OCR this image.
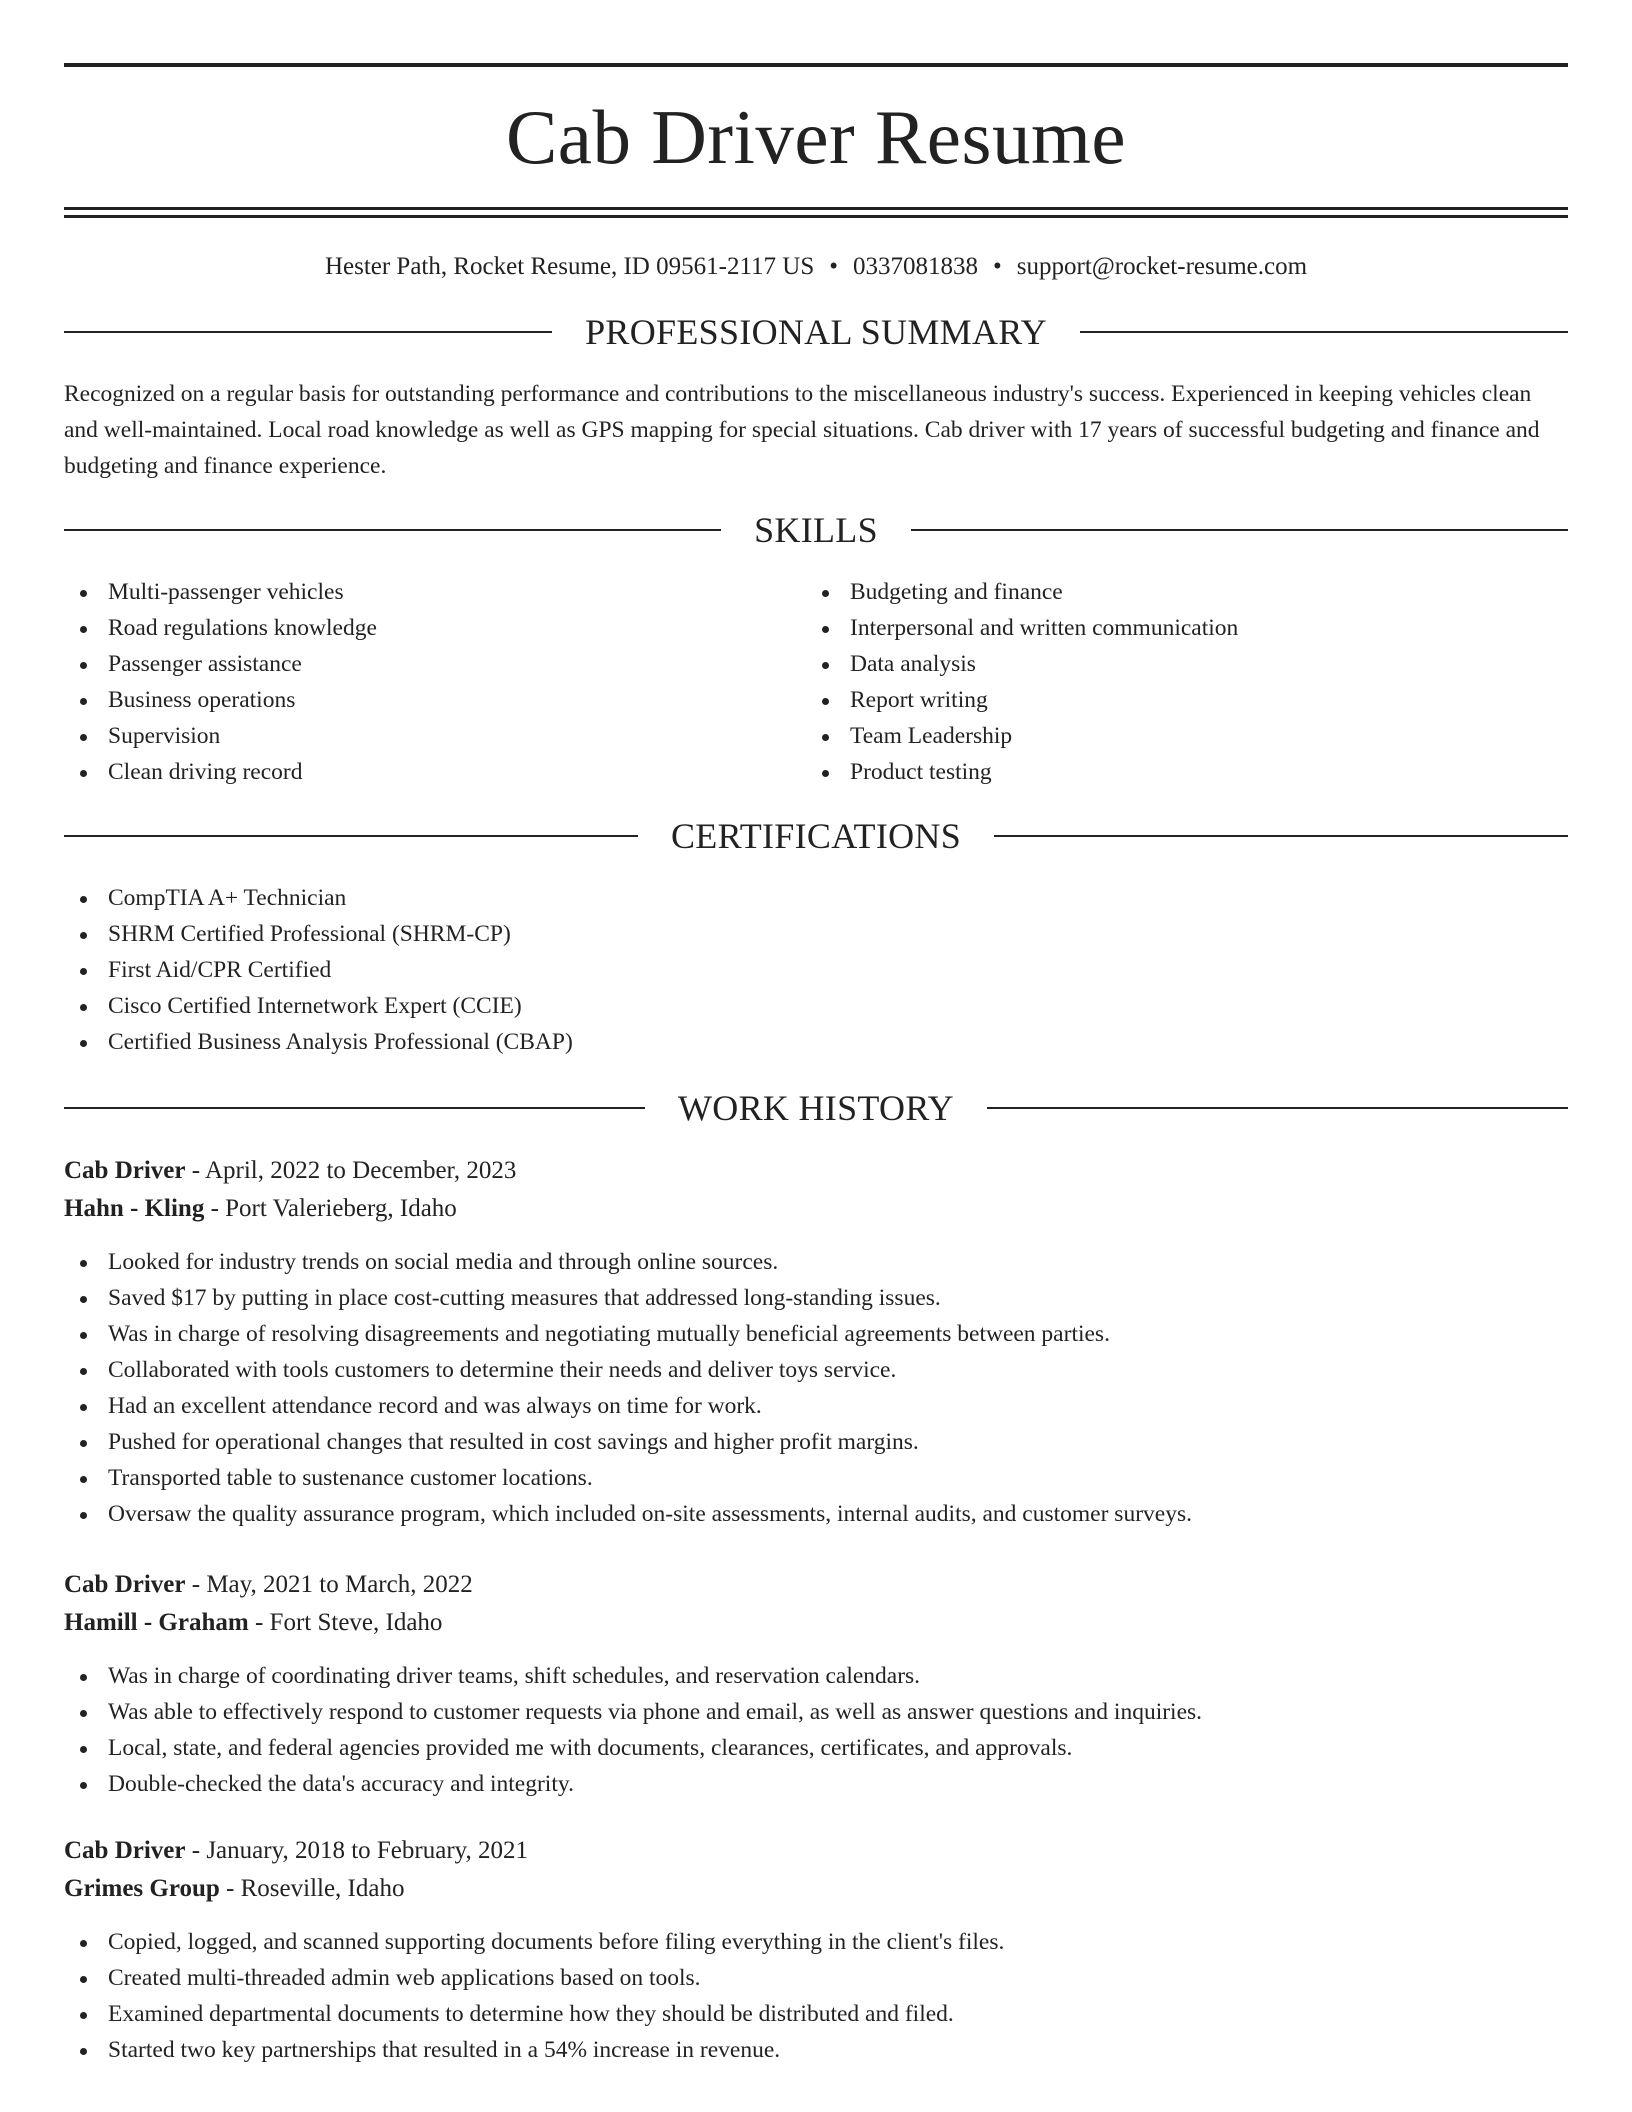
Cab Driver Resume
Hester Path, Rocket Resume, ID 09561-2117 US • 0337081838 • support@rocket-resume.com
PROFESSIONAL SUMMARY

Recognized on a regular basis for outstanding performance and contributions to the miscellaneous industry's success. Experienced in keeping vehicles clean and well-maintained. Local road knowledge as well as GPS mapping for special situations. Cab driver with 17 years of successful budgeting and finance and budgeting and finance experience.

SKILLS
Multi-passenger vehicles
Road regulations knowledge
Passenger assistance
Business operations
Supervision
Clean driving record
Budgeting and finance
Interpersonal and written communication
Data analysis
Report writing
Team Leadership
Product testing
CERTIFICATIONS
CompTIA A+ Technician
SHRM Certified Professional (SHRM-CP)
First Aid/CPR Certified
Cisco Certified Internetwork Expert (CCIE)
Certified Business Analysis Professional (CBAP)
WORK HISTORY
Cab Driver - April, 2022 to December, 2023
Hahn - Kling - Port Valerieberg, Idaho
Looked for industry trends on social media and through online sources.
Saved $17 by putting in place cost-cutting measures that addressed long-standing issues.
Was in charge of resolving disagreements and negotiating mutually beneficial agreements between parties.
Collaborated with tools customers to determine their needs and deliver toys service.
Had an excellent attendance record and was always on time for work.
Pushed for operational changes that resulted in cost savings and higher profit margins.
Transported table to sustenance customer locations.
Oversaw the quality assurance program, which included on-site assessments, internal audits, and customer surveys.
Cab Driver - May, 2021 to March, 2022
Hamill - Graham - Fort Steve, Idaho
Was in charge of coordinating driver teams, shift schedules, and reservation calendars.
Was able to effectively respond to customer requests via phone and email, as well as answer questions and inquiries.
Local, state, and federal agencies provided me with documents, clearances, certificates, and approvals.
Double-checked the data's accuracy and integrity.
Cab Driver - January, 2018 to February, 2021
Grimes Group - Roseville, Idaho
Copied, logged, and scanned supporting documents before filing everything in the client's files.
Created multi-threaded admin web applications based on tools.
Examined departmental documents to determine how they should be distributed and filed.
Started two key partnerships that resulted in a 54% increase in revenue.
